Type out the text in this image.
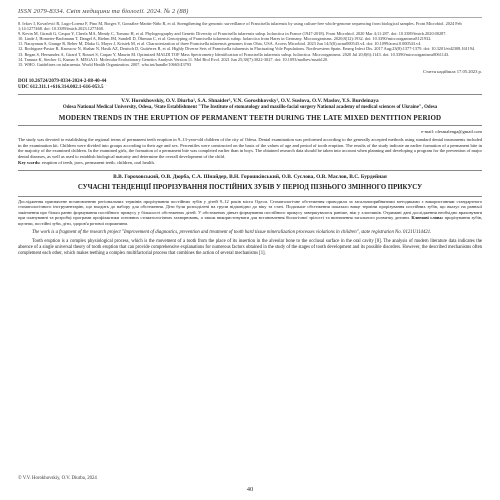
ISSN 2079-8334. Світ медицини та біології. 2024. № 2 (88)

8. Ivkov I, Kovačević R, Lugo-Lorenz F, Pino M, Borges V, González-Martín-Niño R, et al. Strengthening the genomic surveillance of Francisella tularensis by using culture-free whole-genome sequencing from biological samples. Front Microbiol. 2024 Feb 1;14:1277468. doi: 10.3389/fmicb.2023.1277468.

9. Kevin M, Girault G, Caspar Y, Cherfa MA, Mendy C, Tomaso H, et al. Phylogeography and Genetic Diversity of Francisella tularensis subsp. holarctica in France (1947-2018). Front Microbiol. 2020 Mar 4;11:287. doi: 10.3389/fmicb.2020.00287.

10. Linde J, Homeier-Bachmann T, Dangel A, Riehm JM, Sundell D, Öhrman C, et al. Genotyping of Francisella tularensis subsp. holarctica from Hares in Germany. Microorganisms. 2020;8(12):1932. doi: 10.3390/microorganisms8121932.

11. Narayanan S, Grange R, Beber M, Dlaka G, Mayer J, Kristek M, et al. Characterization of three Francisella tularensis genomes from Ohio, USA. Access Microbiol. 2023 Jun 14;5(6):acmi000543.v4. doi: 10.1099/acmi.0.000543.v4.

12. Rodriguez-Pastor R, Knossow N, Shahar N, Hasik AZ, Deutsch D, Gutiérrez R, et al. Highly Diverse Sets of Francisella tularensis in Fluctuating Vole Populations. Northwestern Spain. Emerg Infect Dis. 2017 Aug;23(8):1377-1379. doi: 10.3201/eid2308.161194.

13. Regan S, Hernandez A, Girard T, Rouset S, Caspar Y, Maurin M. Optimized MALDI TOF Mass Spectrometry Identification of Francisella tularensis subsp. holarctica. Microorganisms. 2020 Jul 20;8(6):1143. doi: 10.3390/microorganisms8061143.

14. Tamura K, Stecher G, Kumar S. MEGA11: Molecular Evolutionary Genetics Analysis Version 11. Mol Biol Evol. 2021 Jun 25;38(7):3022-3027. doi: 10.1093/molbev/msab120.

15. WHO. Guidelines on tularaemia. World Health Organization. 2007. who.int/handle/10665/43793

Стаття надійшла 17.05.2023 р.
DOI 10.26724/2079-8334-2024-2-88-40-44
UDC 612.311.1+616.314.002.1-616-053.5
V.V. Horokhovskiy, O.V. Diurba¹, S.A. Shnaider¹, V.N. Goroshkovsky¹, O.V. Suslova, O.V. Maslov, Y.S. Burdeinaya
Odesa National Medical University, Odesa, ¹State Establishment "The Institute of stomatology and maxillo-facial surgery National academy of medical sciences of Ukraine", Odesa
MODERN TRENDS IN THE ERUPTION OF PERMANENT TEETH DURING THE LATE MIXED DENTITION PERIOD
e-mail: olesmalenga@gmail.com
The study was devoted to establishing the regional terms of permanent teeth eruption in 9–13-year-old children of the city of Odesa. Dental examination was performed according to the generally accepted methods using standard dental instruments included in the examination kit. Children were divided into groups according to their age and sex. Percentiles were constructed on the basis of the values of age and period of tooth eruption. The results of the study indicate an earlier formation of a permanent bite in the majority of the examined children. In the examined girls, the formation of a permanent bite was completed earlier than in boys. The obtained research data should be taken into account when planning and developing a program for the prevention of major dental diseases, as well as used to establish biological maturity and determine the overall development of the child.
Key words: eruption of teeth, jaws, permanent teeth, children, oral health.
В.В. Гороховський, О.В. Дюрба, С.А. Шнайдер, В.Н. Горошківський, О.В. Суслова, О.В. Маслов, В.С. Бурдейная
СУЧАСНІ ТЕНДЕНЦІЇ ПРОРІЗУВАННЯ ПОСТІЙНИХ ЗУБІВ У ПЕРІОД ПІЗНЬОГО ЗМІННОГО ПРИКУСУ
Дослідження присвячене встановленню регіональних термінів прорізування постійних зубів у дітей 9–12 років міста Одеси. Стоматологічне обстеження проводили за загальноприйнятими методиками з використанням стандартного стоматологічного інструментарію, що входить до набору для обстеження. Діти були розподілені на групи відповідно до віку та статі. Подальше обстеження показало вище терміни прорізування постійних зубів, що вказує на ранньої закінчення про більш раннє формування постійного прикусу у більшості обстежених дітей. У обстежених дівчат формування постійного прикусу завершувалося раніше, ніж у хлопчиків. Отримані дані дослідження необхідно враховувати при плануванні та розробці програми профілактики основних стоматологічних захворювань, а також використовувати для встановлення біологічної зрілості та визначення загального розвитку дитини. Ключові слова: прорізування зубів, щелепи, постійні зуби, діти, здоров'я ротової порожнини.
The work is a fragment of the research project "Improvement of diagnostics, prevention and treatment of tooth hard tissue mineralization processes violations in children", state registration No. 0121U114421.
Tooth eruption is a complex physiological process, which is the movement of a tooth from the place of its insertion in the alveolar bone to the occlusal surface in the oral cavity [8]. The analysis of modern literature data indicates the absence of a single universal theory of tooth eruption that can provide comprehensive explanations for numerous factors obtained in the study of the stages of tooth development and its possible disorders. However, the described mechanisms often complement each other, which makes teething a complex multifactorial process that combines the action of several mechanisms [1].
© V.V. Horokhovskiy, O.V. Diurba, 2024
40
